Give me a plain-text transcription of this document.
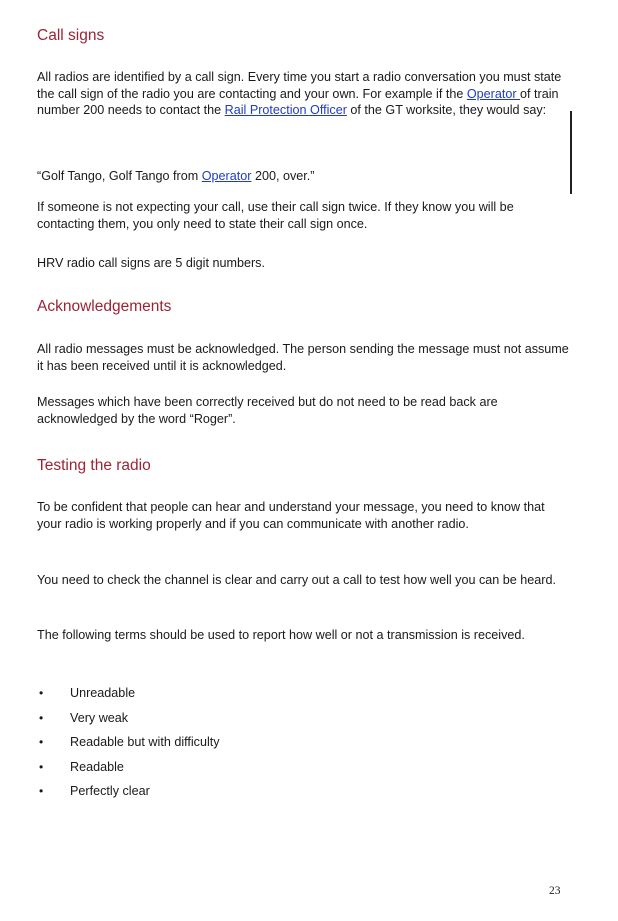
Call signs

All radios are identified by a call sign. Every time you start a radio conversation you must state the call sign of the radio you are contacting and your own. For example if the Operator of train number 200 needs to contact the Rail Protection Officer of the GT worksite, they would say:

“Golf Tango, Golf Tango from Operator 200, over.”

If someone is not expecting your call, use their call sign twice. If they know you will be contacting them, you only need to state their call sign once.

HRV radio call signs are 5 digit numbers.

Acknowledgements

All radio messages must be acknowledged. The person sending the message must not assume it has been received until it is acknowledged.

Messages which have been correctly received but do not need to be read back are acknowledged by the word “Roger”.

Testing the radio

To be confident that people can hear and understand your message, you need to know that your radio is working properly and if you can communicate with another radio.

You need to check the channel is clear and carry out a call to test how well you can be heard.

The following terms should be used to report how well or not a transmission is received.

• Unreadable
• Very weak
• Readable but with difficulty
• Readable
• Perfectly clear
23
